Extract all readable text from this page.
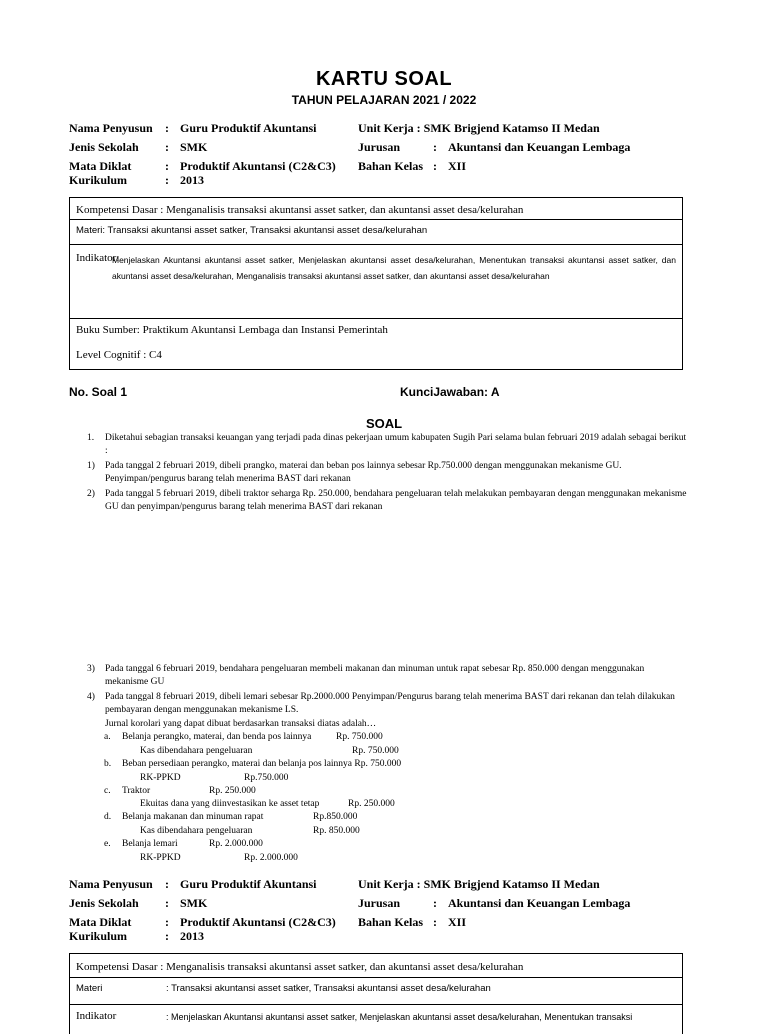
KARTU SOAL
TAHUN PELAJARAN 2021 / 2022
Nama Penyusun : Guru Produktif Akuntansi	Unit Kerja : SMK Brigjend Katamso II Medan
Jenis Sekolah : SMK	Jurusan	: Akuntansi dan Keuangan Lembaga
Mata Diklat	: Produktif Akuntansi (C2&C3) Bahan Kelas : XII
Kurikulum	: 2013
Kompetensi Dasar : Menganalisis transaksi akuntansi asset satker, dan akuntansi asset desa/kelurahan
Materi: Transaksi akuntansi asset satker, Transaksi akuntansi asset desa/kelurahan
Indikator:
Menjelaskan Akuntansi akuntansi asset satker, Menjelaskan akuntansi asset desa/kelurahan, Menentukan transaksi akuntansi asset satker, dan akuntansi asset desa/kelurahan, Menganalisis transaksi akuntansi asset satker, dan akuntansi asset desa/kelurahan
Buku Sumber: Praktikum Akuntansi Lembaga dan Instansi Pemerintah
Level Cognitif : C4
No. Soal 1	KunciJawaban: A
SOAL
1. Diketahui sebagian transaksi keuangan yang terjadi pada dinas pekerjaan umum kabupaten Sugih Pari selama bulan februari 2019 adalah sebagai berikut :
1) Pada tanggal 2 februari 2019, dibeli prangko, materai dan beban pos lainnya sebesar Rp.750.000 dengan menggunakan mekanisme GU. Penyimpan/pengurus barang telah menerima BAST dari rekanan
2) Pada tanggal 5 februari 2019, dibeli traktor seharga Rp. 250.000, bendahara pengeluaran telah melakukan pembayaran dengan menggunakan mekanisme GU dan penyimpan/pengurus barang telah menerima BAST dari rekanan
3) Pada tanggal 6 februari 2019, bendahara pengeluaran membeli makanan dan minuman untuk rapat sebesar Rp. 850.000 dengan menggunakan mekanisme GU
4) Pada tanggal 8 februari 2019, dibeli lemari sebesar Rp.2000.000 Penyimpan/Pengurus barang telah menerima BAST dari rekanan dan telah dilakukan pembayaran dengan menggunakan mekanisme LS.
Jurnal korolari yang dapat dibuat berdasarkan transaksi diatas adalah…
a. Belanja perangko, materai, dan benda pos lainnya	Rp. 750.000
Kas dibendahara pengeluaran	Rp. 750.000
b. Beban persediaan perangko, materai dan belanja pos lainnya Rp. 750.000
RK-PPKD	Rp.750.000
c. Traktor	Rp. 250.000
Ekuitas dana yang diinvestasikan ke asset tetap	Rp. 250.000
d. Belanja makanan dan minuman rapat	Rp.850.000
Kas dibendahara pengeluaran	Rp. 850.000
e. Belanja lemari	Rp. 2.000.000
RK-PPKD	Rp. 2.000.000
Nama Penyusun : Guru Produktif Akuntansi	Unit Kerja : SMK Brigjend Katamso II Medan
Jenis Sekolah : SMK	Jurusan	: Akuntansi dan Keuangan Lembaga
Mata Diklat	: Produktif Akuntansi (C2&C3) Bahan Kelas : XII
Kurikulum	: 2013
Kompetensi Dasar : Menganalisis transaksi akuntansi asset satker, dan akuntansi asset desa/kelurahan
Materi	: Transaksi akuntansi asset satker, Transaksi akuntansi asset desa/kelurahan
Indikator	: Menjelaskan Akuntansi akuntansi asset satker, Menjelaskan akuntansi asset desa/kelurahan, Menentukan transaksi
